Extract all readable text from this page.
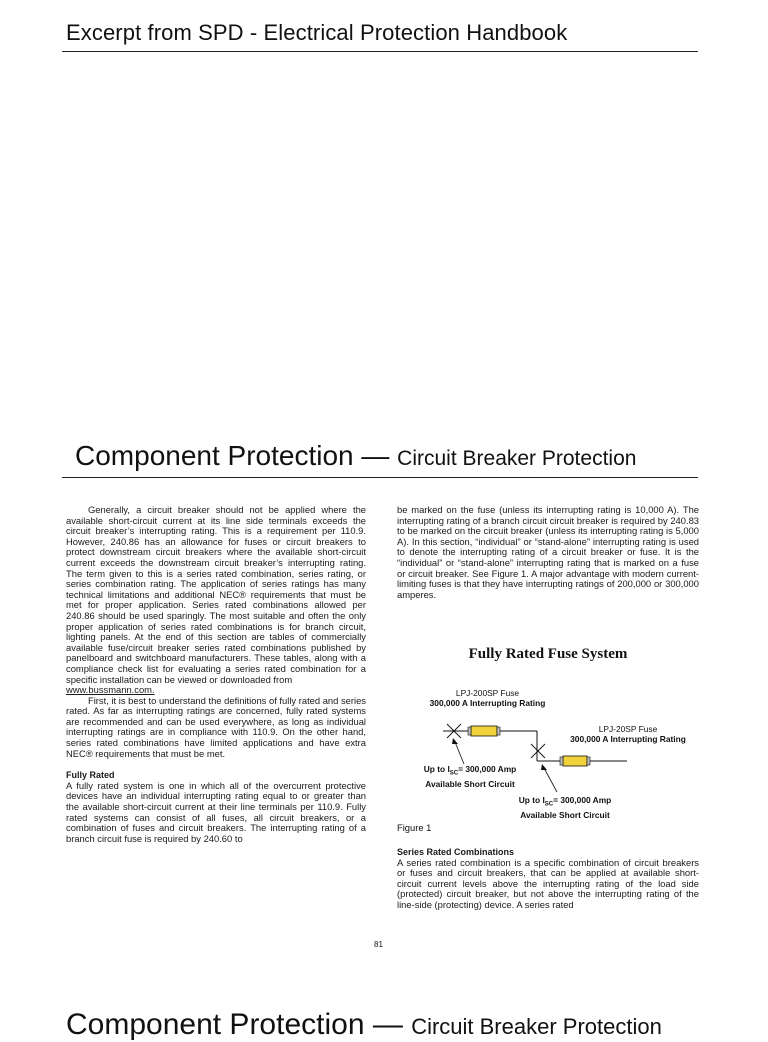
Excerpt from SPD - Electrical Protection Handbook
Component Protection — Circuit Breaker Protection

Generally, a circuit breaker should not be applied where the available short-circuit current at its line side terminals exceeds the circuit breaker’s interrupting rating. This is a requirement per 110.9. However, 240.86 has an allowance for fuses or circuit breakers to protect downstream circuit breakers where the available short-circuit current exceeds the downstream circuit breaker’s interrupting rating. The term given to this is a series rated combination, series rating, or series combination rating. The application of series ratings has many technical limitations and additional NEC® requirements that must be met for proper application. Series rated combinations allowed per 240.86 should be used sparingly. The most suitable and often the only proper application of series rated combinations is for branch circuit, lighting panels. At the end of this section are tables of commercially available fuse/circuit breaker series rated combinations published by panelboard and switchboard manufacturers. These tables, along with a compliance check list for evaluating a series rated combination for a specific installation can be viewed or downloaded from
www.bussmann.com.

First, it is best to understand the definitions of fully rated and series rated. As far as interrupting ratings are concerned, fully rated systems are recommended and can be used everywhere, as long as individual interrupting ratings are in compliance with 110.9. On the other hand, series rated combinations have limited applications and have extra NEC® requirements that must be met.

Fully Rated

A fully rated system is one in which all of the overcurrent protective devices have an individual interrupting rating equal to or greater than the available short-circuit current at their line terminals per 110.9. Fully rated systems can consist of all fuses, all circuit breakers, or a combination of fuses and circuit breakers. The interrupting rating of a branch circuit fuse is required by 240.60 to

be marked on the fuse (unless its interrupting rating is 10,000 A). The interrupting rating of a branch circuit circuit breaker is required by 240.83 to be marked on the circuit breaker (unless its interrupting rating is 5,000 A). In this section, “individual” or “stand-alone” interrupting rating is used to denote the interrupting rating of a circuit breaker or fuse. It is the “individual” or “stand-alone” interrupting rating that is marked on a fuse or circuit breaker. See Figure 1. A major advantage with modern current-limiting fuses is that they have interrupting ratings of 200,000 or 300,000 amperes.

Fully Rated Fuse System
LPJ-200SP Fuse
300,000 A Interrupting Rating
LPJ-20SP Fuse
300,000 A Interrupting Rating
Up to $I_{SC}= 300,000$ Amp
Available Short Circuit
Up to $I_{SC}= 300,000$ Amp
Available Short Circuit
Figure 1

Series Rated Combinations

A series rated combination is a specific combination of circuit breakers or fuses and circuit breakers, that can be applied at available short-circuit current levels above the interrupting rating of the load side (protected) circuit breaker, but not above the interrupting rating of the line-side (protecting) device. A series rated

81
Component Protection — Circuit Breaker Protection
